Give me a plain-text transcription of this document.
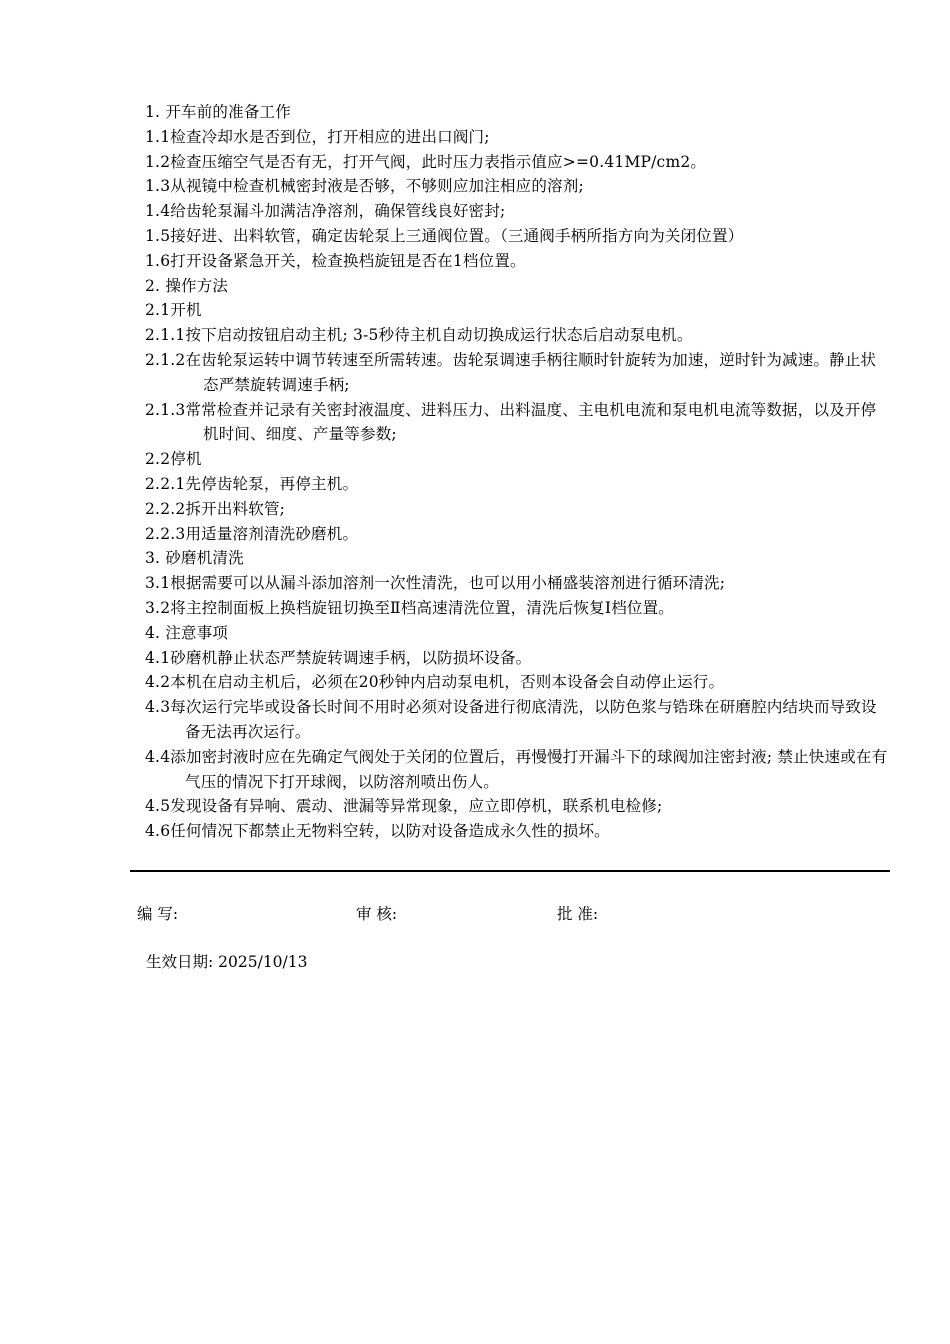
1. 开车前的准备工作
1.1检查冷却水是否到位，打开相应的进出口阀门;
1.2检查压缩空气是否有无，打开气阀，此时压力表指示值应>=0.41MP/cm2。
1.3从视镜中检查机械密封液是否够，不够则应加注相应的溶剂;
1.4给齿轮泵漏斗加满洁净溶剂，确保管线良好密封;
1.5接好进、出料软管，确定齿轮泵上三通阀位置。（三通阀手柄所指方向为关闭位置）
1.6打开设备紧急开关，检查换档旋钮是否在1档位置。
2. 操作方法
2.1开机
2.1.1按下启动按钮启动主机; 3-5秒待主机自动切换成运行状态后启动泵电机。
2.1.2在齿轮泵运转中调节转速至所需转速。齿轮泵调速手柄往顺时针旋转为加速，逆时针为减速。静止状态严禁旋转调速手柄;
2.1.3常常检查并记录有关密封液温度、进料压力、出料温度、主电机电流和泵电机电流等数据，以及开停机时间、细度、产量等参数;
2.2停机
2.2.1先停齿轮泵，再停主机。
2.2.2拆开出料软管;
2.2.3用适量溶剂清洗砂磨机。
3. 砂磨机清洗
3.1根据需要可以从漏斗添加溶剂一次性清洗，也可以用小桶盛装溶剂进行循环清洗;
3.2将主控制面板上换档旋钮切换至Ⅱ档高速清洗位置，清洗后恢复Ⅰ档位置。
4. 注意事项
4.1砂磨机静止状态严禁旋转调速手柄，以防损坏设备。
4.2本机在启动主机后，必须在20秒钟内启动泵电机，否则本设备会自动停止运行。
4.3每次运行完毕或设备长时间不用时必须对设备进行彻底清洗，以防色浆与锆珠在研磨腔内结块而导致设备无法再次运行。
4.4添加密封液时应在先确定气阀处于关闭的位置后，再慢慢打开漏斗下的球阀加注密封液; 禁止快速或在有气压的情况下打开球阀，以防溶剂喷出伤人。
4.5发现设备有异响、震动、泄漏等异常现象，应立即停机，联系机电检修;
4.6任何情况下都禁止无物料空转，以防对设备造成永久性的损坏。
编 写:	审 核:	批 准:
生效日期: 2025/10/13
